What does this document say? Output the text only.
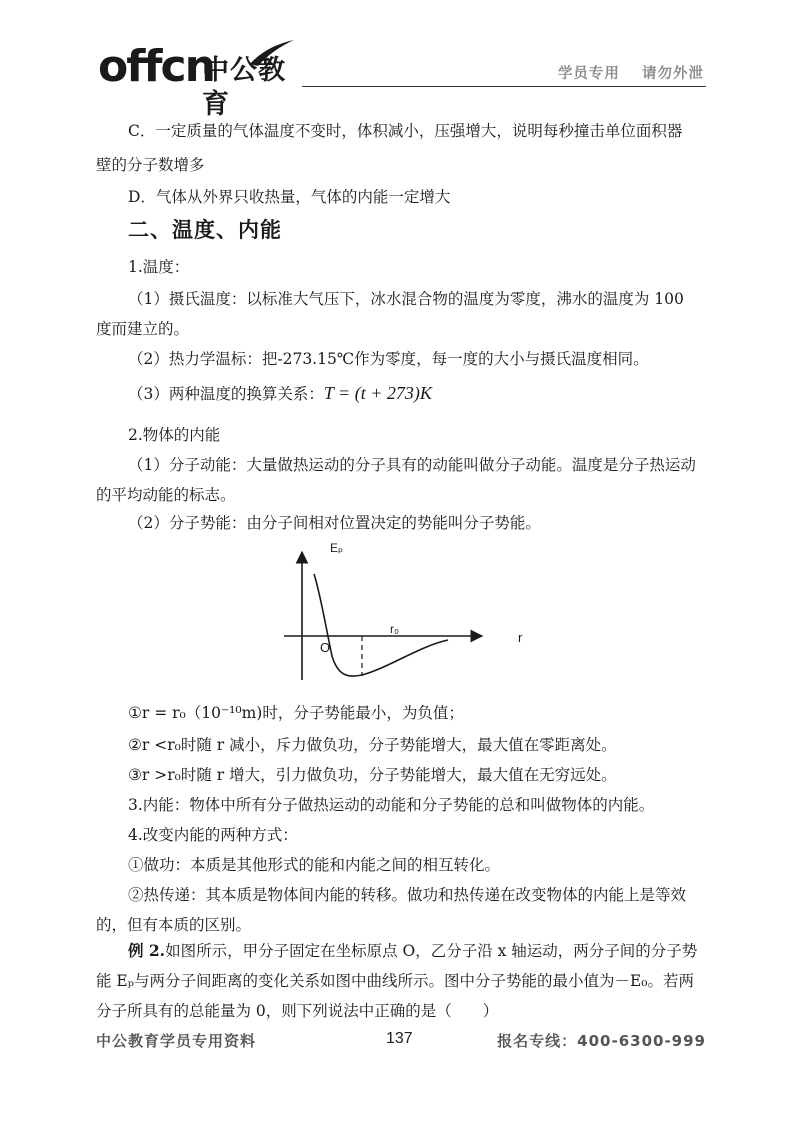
offcn
中公教育
学员专用 请勿外泄
C．一定质量的气体温度不变时，体积减小，压强增大，说明每秒撞击单位面积器
壁的分子数增多
D．气体从外界只收热量，气体的内能一定增大
二、温度、内能
1.温度：
（1）摄氏温度：以标准大气压下，冰水混合物的温度为零度，沸水的温度为 100
度而建立的。
（2）热力学温标：把-273.15℃作为零度，每一度的大小与摄氏温度相同。
（3）两种温度的换算关系：T = (t + 273)K
2.物体的内能
（1）分子动能：大量做热运动的分子具有的动能叫做分子动能。温度是分子热运动
的平均动能的标志。
（2）分子势能：由分子间相对位置决定的势能叫分子势能。
Eₚ
r
O
r₀
①r = r₀（10⁻¹⁰m)时，分子势能最小，为负值；
②r <r₀时随 r 减小，斥力做负功，分子势能增大，最大值在零距离处。
③r >r₀时随 r 增大，引力做负功，分子势能增大，最大值在无穷远处。
3.内能：物体中所有分子做热运动的动能和分子势能的总和叫做物体的内能。
4.改变内能的两种方式：
①做功：本质是其他形式的能和内能之间的相互转化。
②热传递：其本质是物体间内能的转移。做功和热传递在改变物体的内能上是等效
的，但有本质的区别。
例 2.如图所示，甲分子固定在坐标原点 O，乙分子沿 x 轴运动，两分子间的分子势
能 Eₚ与两分子间距离的变化关系如图中曲线所示。图中分子势能的最小值为－E₀。若两
分子所具有的总能量为 0，则下列说法中正确的是（　　）
中公教育学员专用资料	137	报名专线：400-6300-999
